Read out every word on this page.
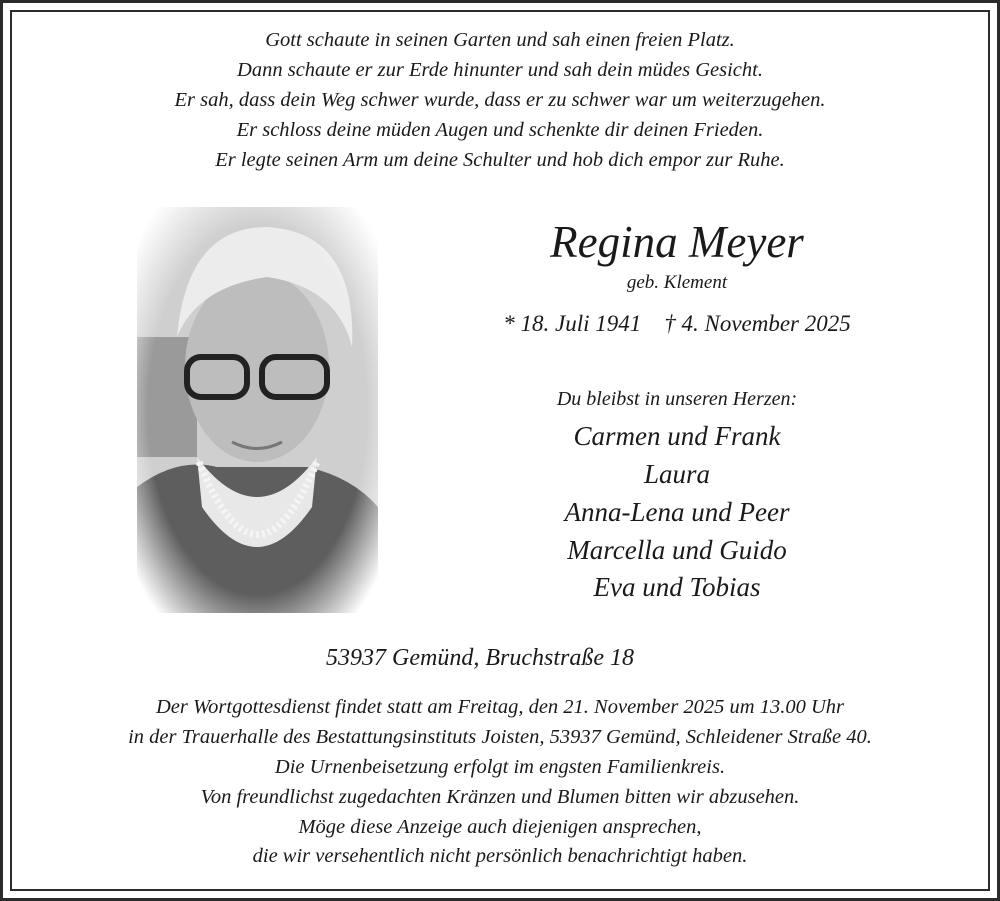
Gott schaute in seinen Garten und sah einen freien Platz.
Dann schaute er zur Erde hinunter und sah dein müdes Gesicht.
Er sah, dass dein Weg schwer wurde, dass er zu schwer war um weiterzugehen.
Er schloss deine müden Augen und schenkte dir deinen Frieden.
Er legte seinen Arm um deine Schulter und hob dich empor zur Ruhe.
Regina Meyer
geb. Klement
* 18. Juli 1941    † 4. November 2025
Du bleibst in unseren Herzen:
Carmen und Frank
Laura
Anna-Lena und Peer
Marcella und Guido
Eva und Tobias
53937 Gemünd, Bruchstraße 18
Der Wortgottesdienst findet statt am Freitag, den 21. November 2025 um 13.00 Uhr
in der Trauerhalle des Bestattungsinstituts Joisten, 53937 Gemünd, Schleidener Straße 40.
Die Urnenbeisetzung erfolgt im engsten Familienkreis.
Von freundlichst zugedachten Kränzen und Blumen bitten wir abzusehen.
Möge diese Anzeige auch diejenigen ansprechen,
die wir versehentlich nicht persönlich benachrichtigt haben.
